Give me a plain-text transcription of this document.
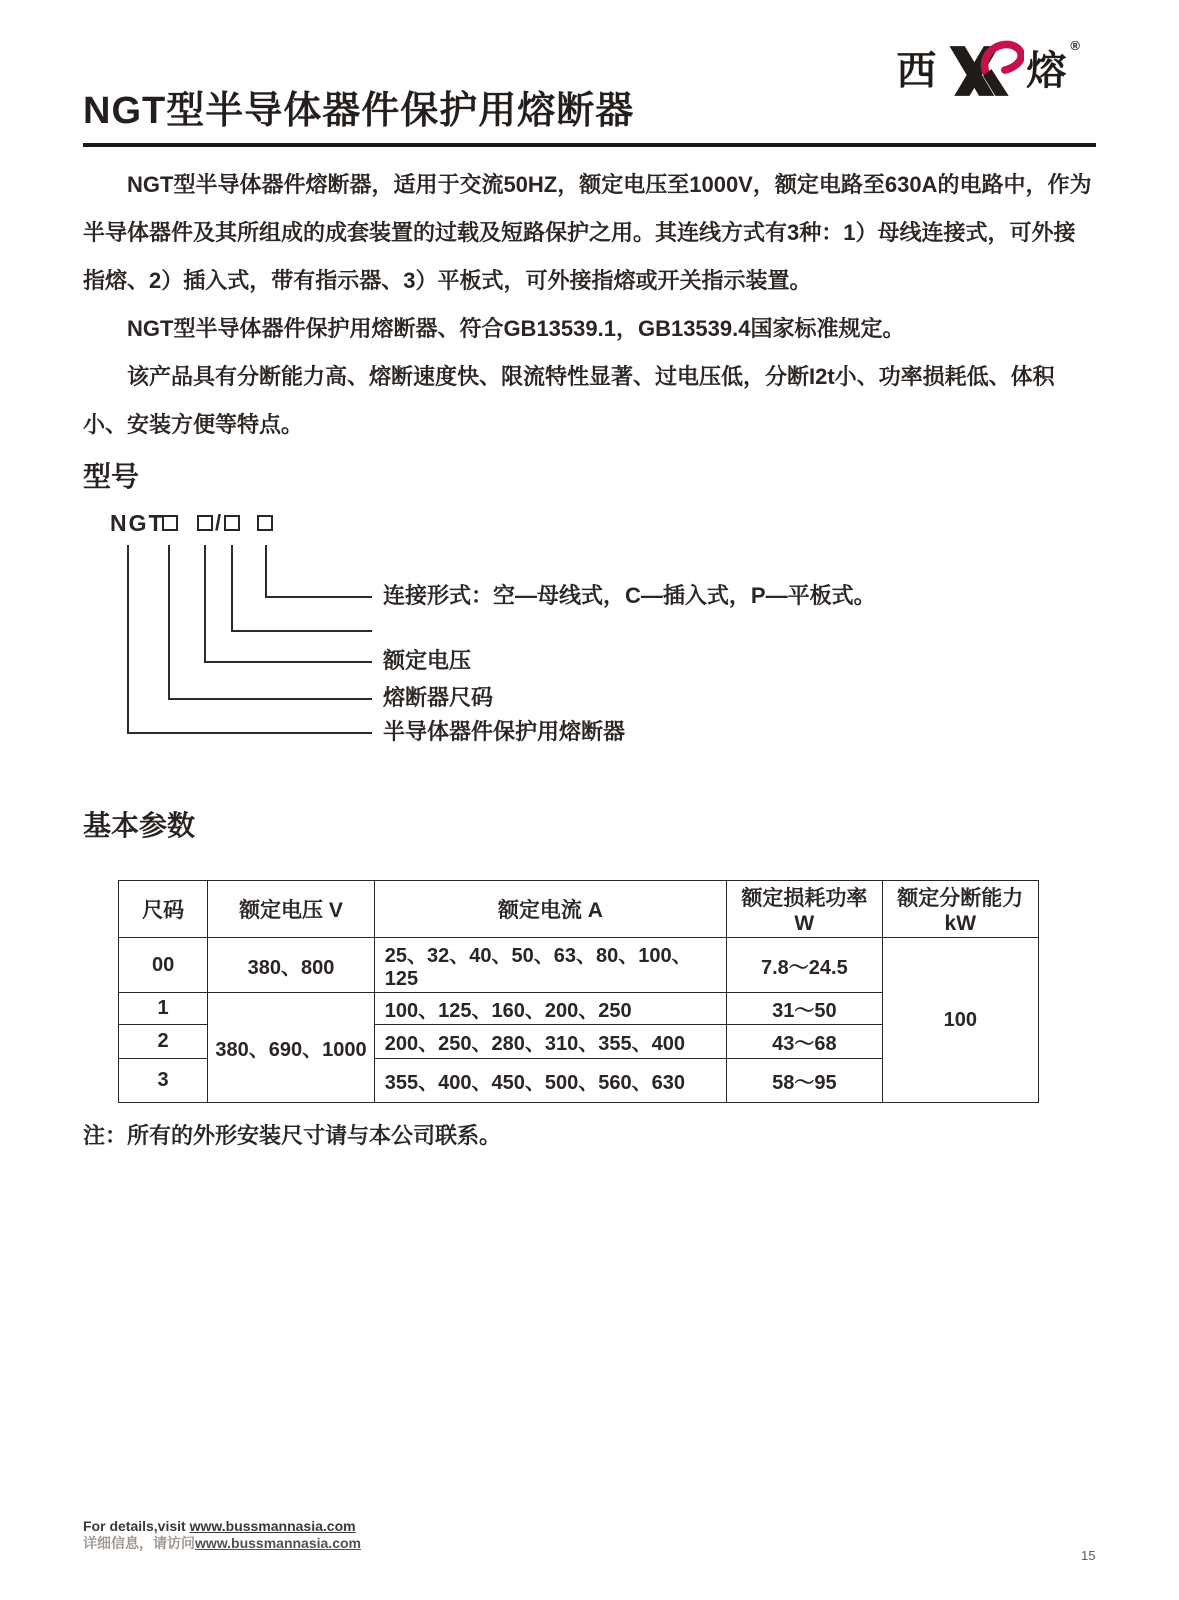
西 熔
®
NGT型半导体器件保护用熔断器

NGT型半导体器件熔断器，适用于交流50HZ，额定电压至1000V，额定电路至630A的电路中，作为半导体器件及其所组成的成套装置的过载及短路保护之用。其连线方式有3种：1）母线连接式，可外接指熔、2）插入式，带有指示器、3）平板式，可外接指熔或开关指示装置。

NGT型半导体器件保护用熔断器、符合GB13539.1，GB13539.4国家标准规定。

该产品具有分断能力高、熔断速度快、限流特性显著、过电压低，分断I2t小、功率损耗低、体积小、安装方便等特点。

型号
NGT /
连接形式：空—母线式，C—插入式，P—平板式。
额定电压
熔断器尺码
半导体器件保护用熔断器
基本参数
尺码	额定电压 V	额定电流 A	额定损耗功率 W	额定分断能力 kW
00	380、800	25、32、40、50、63、80、100、125	7.8～24.5	100
1	380、690、1000	100、125、160、200、250	31～50	
2		200、250、280、310、355、400	43～68	
3		355、400、450、500、560、630	58～95	
注：所有的外形安装尺寸请与本公司联系。
For details,visit www.bussmannasia.com
详细信息，请访问www.bussmannasia.com
15
